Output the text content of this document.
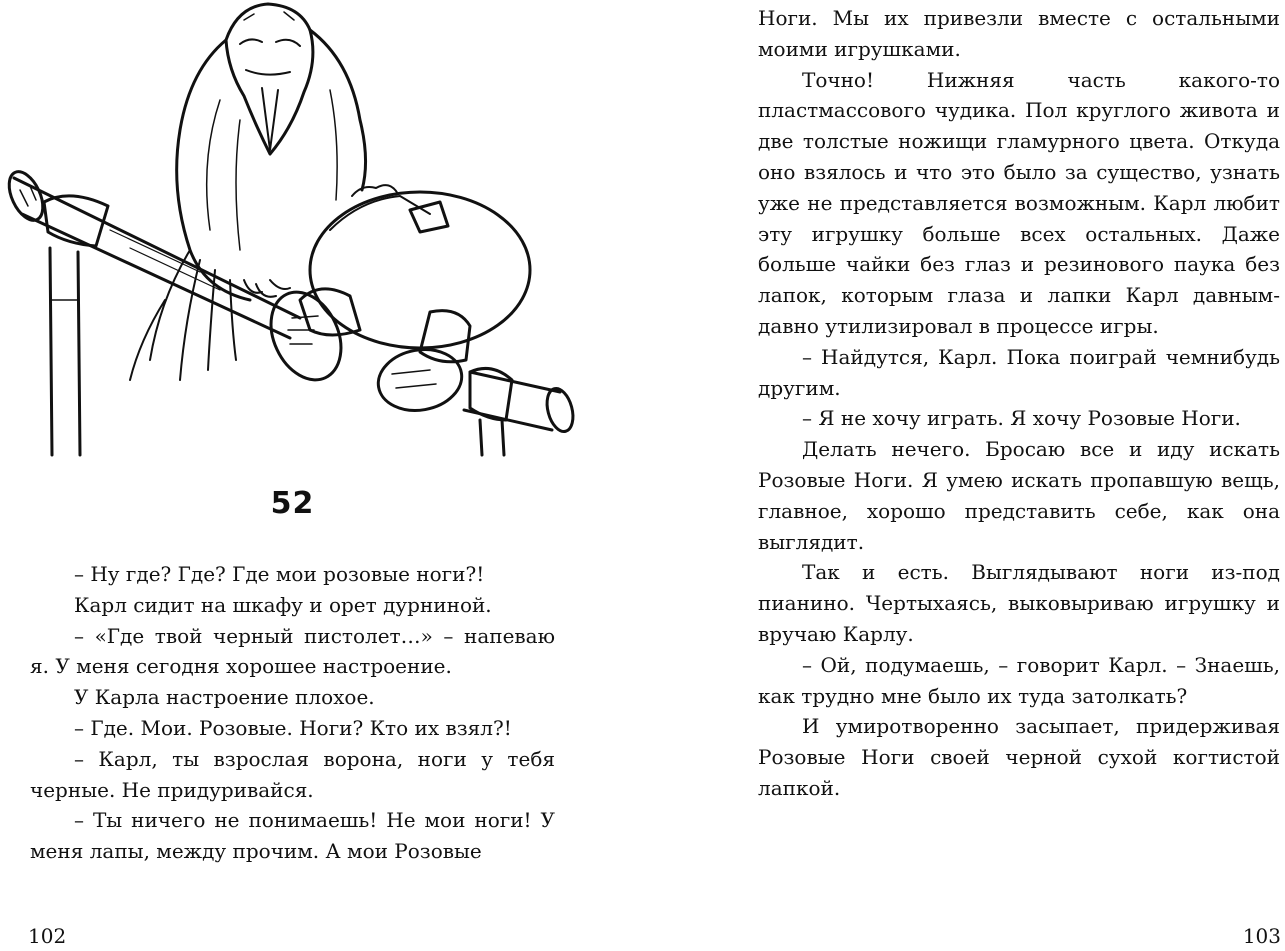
52

– Ну где? Где? Где мои розовые ноги?!

Карл сидит на шкафу и орет дурниной.

– «Где твой черный пистолет…» – напеваю я. У меня сегодня хорошее настроение.

У Карла настроение плохое.

– Где. Мои. Розовые. Ноги? Кто их взял?!

– Карл, ты взрослая ворона, ноги у тебя черные. Не придуривайся.

– Ты ничего не понимаешь! Не мои ноги! У меня лапы, между прочим. А мои Розовые

102

Ноги. Мы их привезли вместе с остальными моими игрушками.

Точно! Нижняя часть какого-то пластмассового чудика. Пол круглого живота и две толстые ножищи гламурного цвета. Откуда оно взялось и что это было за существо, узнать уже не представляется возможным. Карл любит эту игрушку больше всех остальных. Даже больше чайки без глаз и резинового паука без лапок, которым глаза и лапки Карл давным-давно утилизировал в процессе игры.

– Найдутся, Карл. Пока поиграй чемнибудь другим.

– Я не хочу играть. Я хочу Розовые Ноги.

Делать нечего. Бросаю все и иду искать Розовые Ноги. Я умею искать пропавшую вещь, главное, хорошо представить себе, как она выглядит.

Так и есть. Выглядывают ноги из-под пианино. Чертыхаясь, выковыриваю игрушку и вручаю Карлу.

– Ой, подумаешь, – говорит Карл. – Знаешь, как трудно мне было их туда затолкать?

И умиротворенно засыпает, придерживая Розовые Ноги своей черной сухой когтистой лапкой.

103
